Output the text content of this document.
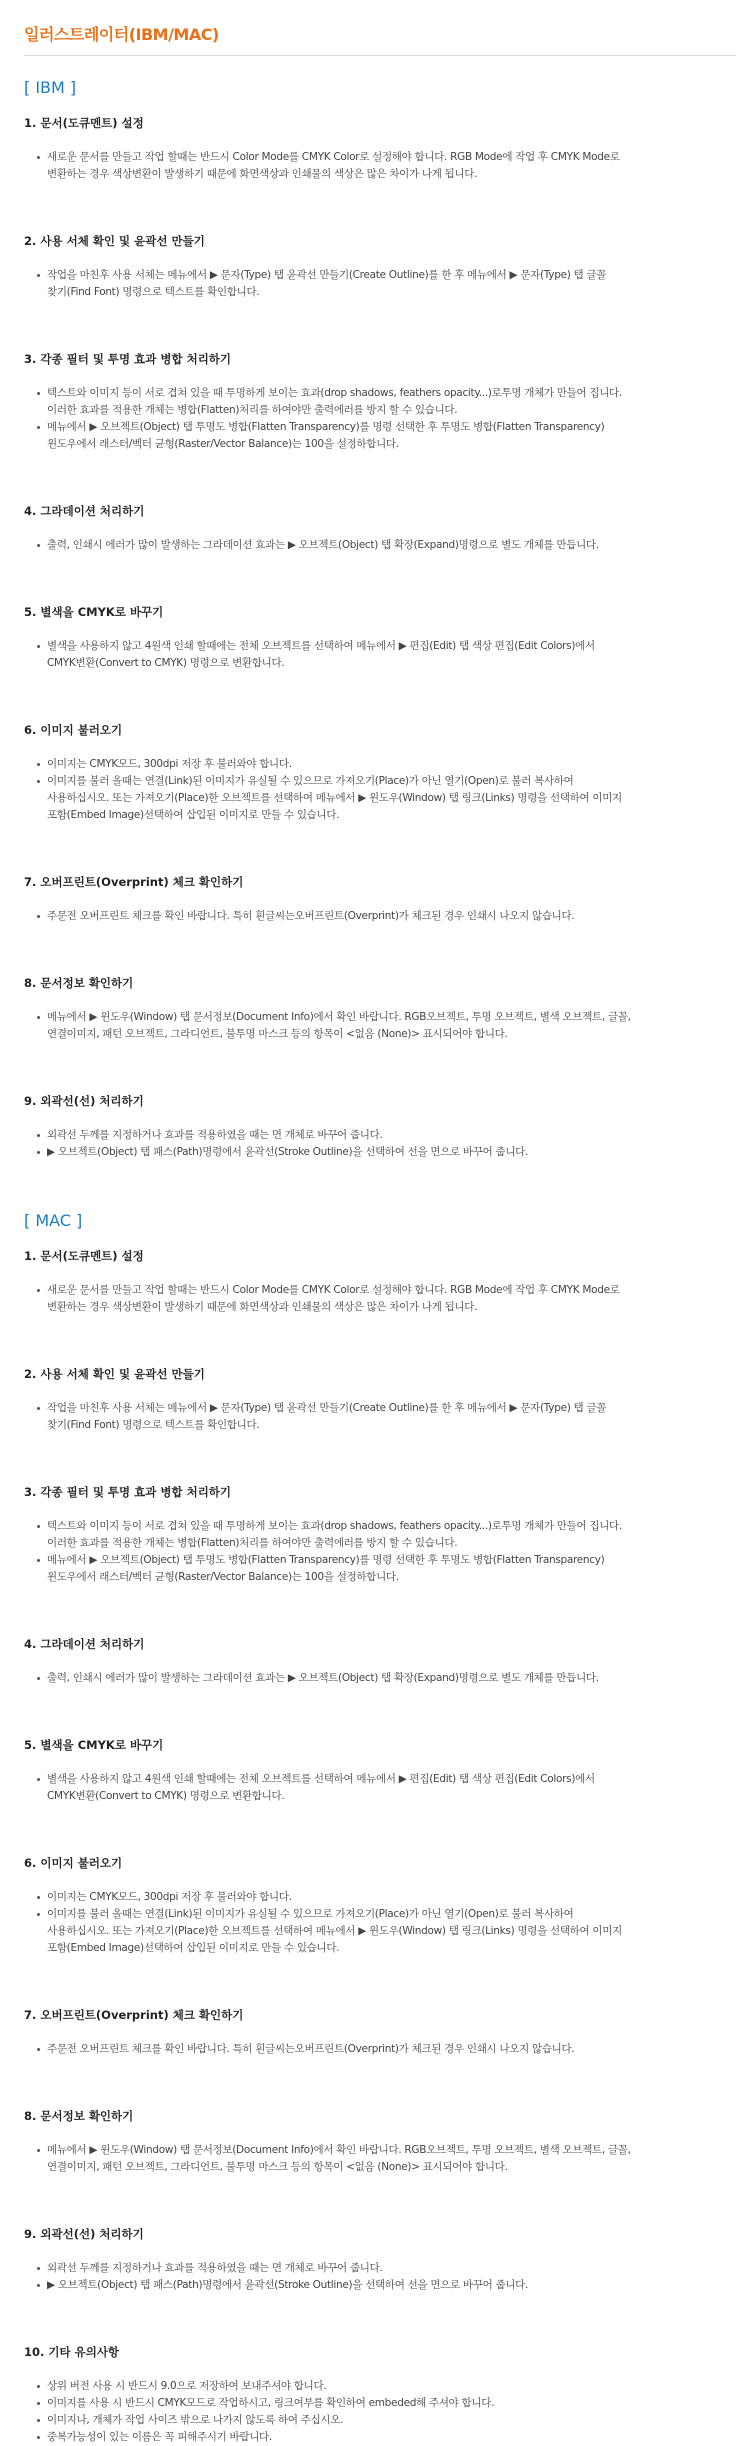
일러스트레이터(IBM/MAC)
[ IBM ]
1. 문서(도큐멘트) 설정
새로운 문서를 만들고 작업 할때는 반드시 Color Mode를 CMYK Color로 설정해야 합니다. RGB Mode에 작업 후 CMYK Mode로
변환하는 경우 색상변환이 발생하기 때문에 화면색상과 인쇄물의 색상은 많은 차이가 나게 됩니다.
2. 사용 서체 확인 및 윤곽선 만들기
작업을 마친후 사용 서체는 메뉴에서 ▶ 문자(Type) 탭 윤곽선 만들기(Create Outline)를 한 후 메뉴에서 ▶ 문자(Type) 탭 글꼴
찾기(Find Font) 명령으로 텍스트를 확인합니다.
3. 각종 필터 및 투명 효과 병합 처리하기
텍스트와 이미지 등이 서로 겹쳐 있을 때 투명하게 보이는 효과(drop shadows, feathers opacity...)로투명 개체가 만들어 집니다.
이러한 효과를 적용한 개체는 병합(Flatten)처리를 하여야만 출력에러를 방지 할 수 있습니다.
메뉴에서 ▶ 오브젝트(Object) 탭 투명도 병합(Flatten Transparency)를 명령 선택한 후 투명도 병합(Flatten Transparency)
윈도우에서 래스터/벡터 균형(Raster/Vector Balance)는 100을 설정하합니다.
4. 그라데이션 처리하기
출력, 인쇄시 에러가 많이 발생하는 그라데이션 효과는 ▶ 오브젝트(Object) 탭 확장(Expand)명령으로 별도 개체를 만듭니다.
5. 별색을 CMYK로 바꾸기
별색을 사용하지 않고 4원색 인쇄 할때에는 전체 오브젝트를 선택하여 메뉴에서 ▶ 편집(Edit) 탭 색상 편집(Edit Colors)에서
CMYK변환(Convert to CMYK) 명령으로 변환합니다.
6. 이미지 불러오기
이미지는 CMYK모드, 300dpi 저장 후 불러와야 합니다.
이미지를 불러 올때는 연결(Link)된 이미지가 유실될 수 있으므로 가져오기(Place)가 아닌 열기(Open)로 불러 복사하여
사용하십시오. 또는 가져오기(Place)한 오브젝트를 선택하여 메뉴에서 ▶ 윈도우(Window) 탭 링크(Links) 명령을 선택하여 이미지
포함(Embed Image)선택하여 삽입된 이미지로 만들 수 있습니다.
7. 오버프린트(Overprint) 체크 확인하기
주문전 오버프린트 체크를 확인 바랍니다. 특히 흰글씨는오버프린트(Overprint)가 체크된 경우 인쇄시 나오지 않습니다.
8. 문서정보 확인하기
메뉴에서 ▶ 윈도우(Window) 탭 문서정보(Document Info)에서 확인 바랍니다. RGB오브젝트, 투명 오브젝트, 별색 오브젝트, 글꼴,
연결이미지, 패턴 오브젝트, 그라디언트, 불투명 마스크 등의 항목이 <없음 (None)> 표시되어야 합니다.
9. 외곽선(선) 처리하기
외곽선 두께를 지정하거나 효과를 적용하였을 때는 면 개체로 바꾸어 줍니다.
▶ 오브젝트(Object) 탭 패스(Path)명령에서 윤곽선(Stroke Outline)을 선택하여 선을 면으로 바꾸어 줍니다.
[ MAC ]
1. 문서(도큐멘트) 설정
새로운 문서를 만들고 작업 할때는 반드시 Color Mode를 CMYK Color로 설정해야 합니다. RGB Mode에 작업 후 CMYK Mode로
변환하는 경우 색상변환이 발생하기 때문에 화면색상과 인쇄물의 색상은 많은 차이가 나게 됩니다.
2. 사용 서체 확인 및 윤곽선 만들기
작업을 마친후 사용 서체는 메뉴에서 ▶ 문자(Type) 탭 윤곽선 만들기(Create Outline)를 한 후 메뉴에서 ▶ 문자(Type) 탭 글꼴
찾기(Find Font) 명령으로 텍스트를 확인합니다.
3. 각종 필터 및 투명 효과 병합 처리하기
텍스트와 이미지 등이 서로 겹쳐 있을 때 투명하게 보이는 효과(drop shadows, feathers opacity...)로투명 개체가 만들어 집니다.
이러한 효과를 적용한 개체는 병합(Flatten)처리를 하여야만 출력에러를 방지 할 수 있습니다.
메뉴에서 ▶ 오브젝트(Object) 탭 투명도 병합(Flatten Transparency)를 명령 선택한 후 투명도 병합(Flatten Transparency)
윈도우에서 래스터/벡터 균형(Raster/Vector Balance)는 100을 설정하합니다.
4. 그라데이션 처리하기
출력, 인쇄시 에러가 많이 발생하는 그라데이션 효과는 ▶ 오브젝트(Object) 탭 확장(Expand)명령으로 별도 개체를 만듭니다.
5. 별색을 CMYK로 바꾸기
별색을 사용하지 않고 4원색 인쇄 할때에는 전체 오브젝트를 선택하여 메뉴에서 ▶ 편집(Edit) 탭 색상 편집(Edit Colors)에서
CMYK변환(Convert to CMYK) 명령으로 변환합니다.
6. 이미지 불러오기
이미지는 CMYK모드, 300dpi 저장 후 불러와야 합니다.
이미지를 불러 올때는 연결(Link)된 이미지가 유실될 수 있으므로 가져오기(Place)가 아닌 열기(Open)로 불러 복사하여
사용하십시오. 또는 가져오기(Place)한 오브젝트를 선택하여 메뉴에서 ▶ 윈도우(Window) 탭 링크(Links) 명령을 선택하여 이미지
포함(Embed Image)선택하여 삽입된 이미지로 만들 수 있습니다.
7. 오버프린트(Overprint) 체크 확인하기
주문전 오버프린트 체크를 확인 바랍니다. 특히 흰글씨는오버프린트(Overprint)가 체크된 경우 인쇄시 나오지 않습니다.
8. 문서정보 확인하기
메뉴에서 ▶ 윈도우(Window) 탭 문서정보(Document Info)에서 확인 바랍니다. RGB오브젝트, 투명 오브젝트, 별색 오브젝트, 글꼴,
연결이미지, 패턴 오브젝트, 그라디언트, 불투명 마스크 등의 항목이 <없음 (None)> 표시되어야 합니다.
9. 외곽선(선) 처리하기
외곽선 두께를 지정하거나 효과를 적용하였을 때는 면 개체로 바꾸어 줍니다.
▶ 오브젝트(Object) 탭 패스(Path)명령에서 윤곽선(Stroke Outline)을 선택하여 선을 면으로 바꾸어 줍니다.
10. 기타 유의사항
상위 버전 사용 시 반드시 9.0으로 저장하여 보내주셔야 합니다.
이미지를 사용 시 반드시 CMYK모드로 작업하시고, 링크여부를 확인하여 embeded해 주셔야 합니다.
이미지나, 개체가 작업 사이즈 밖으로 나가지 않도록 하여 주십시오.
중복가능성이 있는 이름은 꼭 피해주시기 바랍니다.
